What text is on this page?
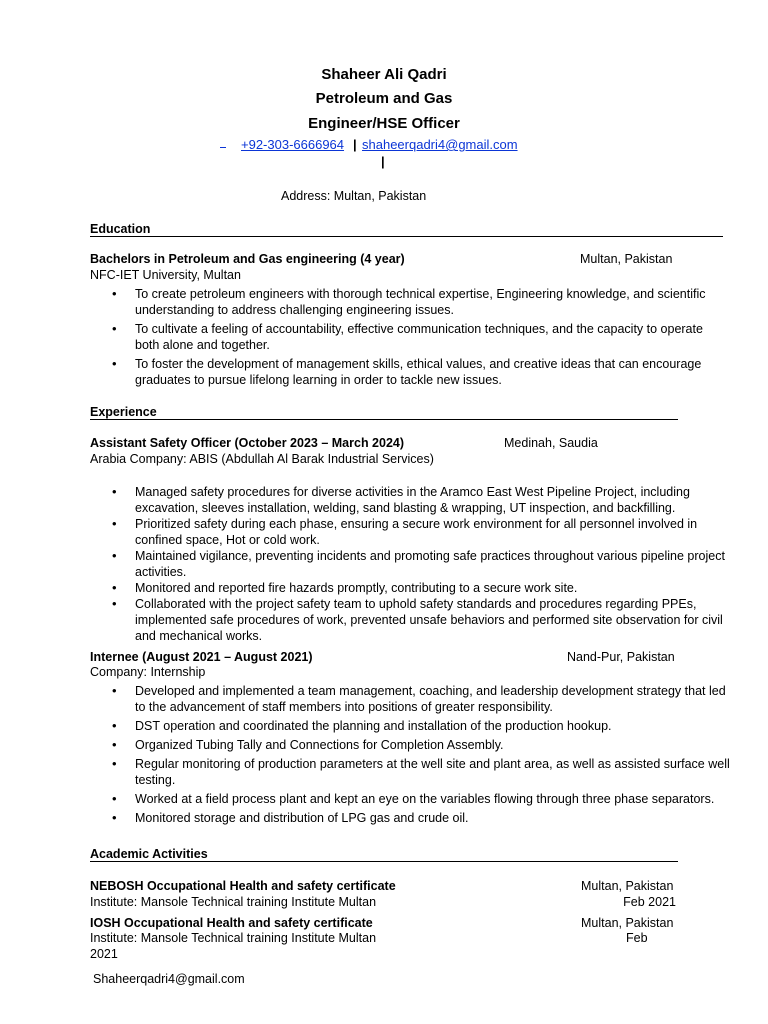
Shaheer Ali Qadri
Petroleum and Gas
Engineer/HSE Officer
+92-303-6666964 | shaheerqadri4@gmail.com
|
Address: Multan, Pakistan
Education
Bachelors in Petroleum and Gas engineering (4 year)	Multan, Pakistan
NFC-IET University, Multan
• To create petroleum engineers with thorough technical expertise, Engineering knowledge, and scientific understanding to address challenging engineering issues.
• To cultivate a feeling of accountability, effective communication techniques, and the capacity to operate both alone and together.
• To foster the development of management skills, ethical values, and creative ideas that can encourage graduates to pursue lifelong learning in order to tackle new issues.
Experience
Assistant Safety Officer (October 2023 – March 2024)	Medinah, Saudia
Arabia Company: ABIS (Abdullah Al Barak Industrial Services)
• Managed safety procedures for diverse activities in the Aramco East West Pipeline Project, including excavation, sleeves installation, welding, sand blasting & wrapping, UT inspection, and backfilling.
• Prioritized safety during each phase, ensuring a secure work environment for all personnel involved in confined space, Hot or cold work.
• Maintained vigilance, preventing incidents and promoting safe practices throughout various pipeline project activities.
• Monitored and reported fire hazards promptly, contributing to a secure work site.
• Collaborated with the project safety team to uphold safety standards and procedures regarding PPEs, implemented safe procedures of work, prevented unsafe behaviors and performed site observation for civil and mechanical works.
Internee (August 2021 – August 2021)	Nand-Pur, Pakistan
Company: Internship
• Developed and implemented a team management, coaching, and leadership development strategy that led to the advancement of staff members into positions of greater responsibility.
• DST operation and coordinated the planning and installation of the production hookup.
• Organized Tubing Tally and Connections for Completion Assembly.
• Regular monitoring of production parameters at the well site and plant area, as well as assisted surface well testing.
• Worked at a field process plant and kept an eye on the variables flowing through three phase separators.
• Monitored storage and distribution of LPG gas and crude oil.
Academic Activities
NEBOSH Occupational Health and safety certificate	Multan, Pakistan
Institute: Mansole Technical training Institute Multan	Feb 2021
IOSH Occupational Health and safety certificate	Multan, Pakistan
Institute: Mansole Technical training Institute Multan	Feb
2021
Shaheerqadri4@gmail.com
